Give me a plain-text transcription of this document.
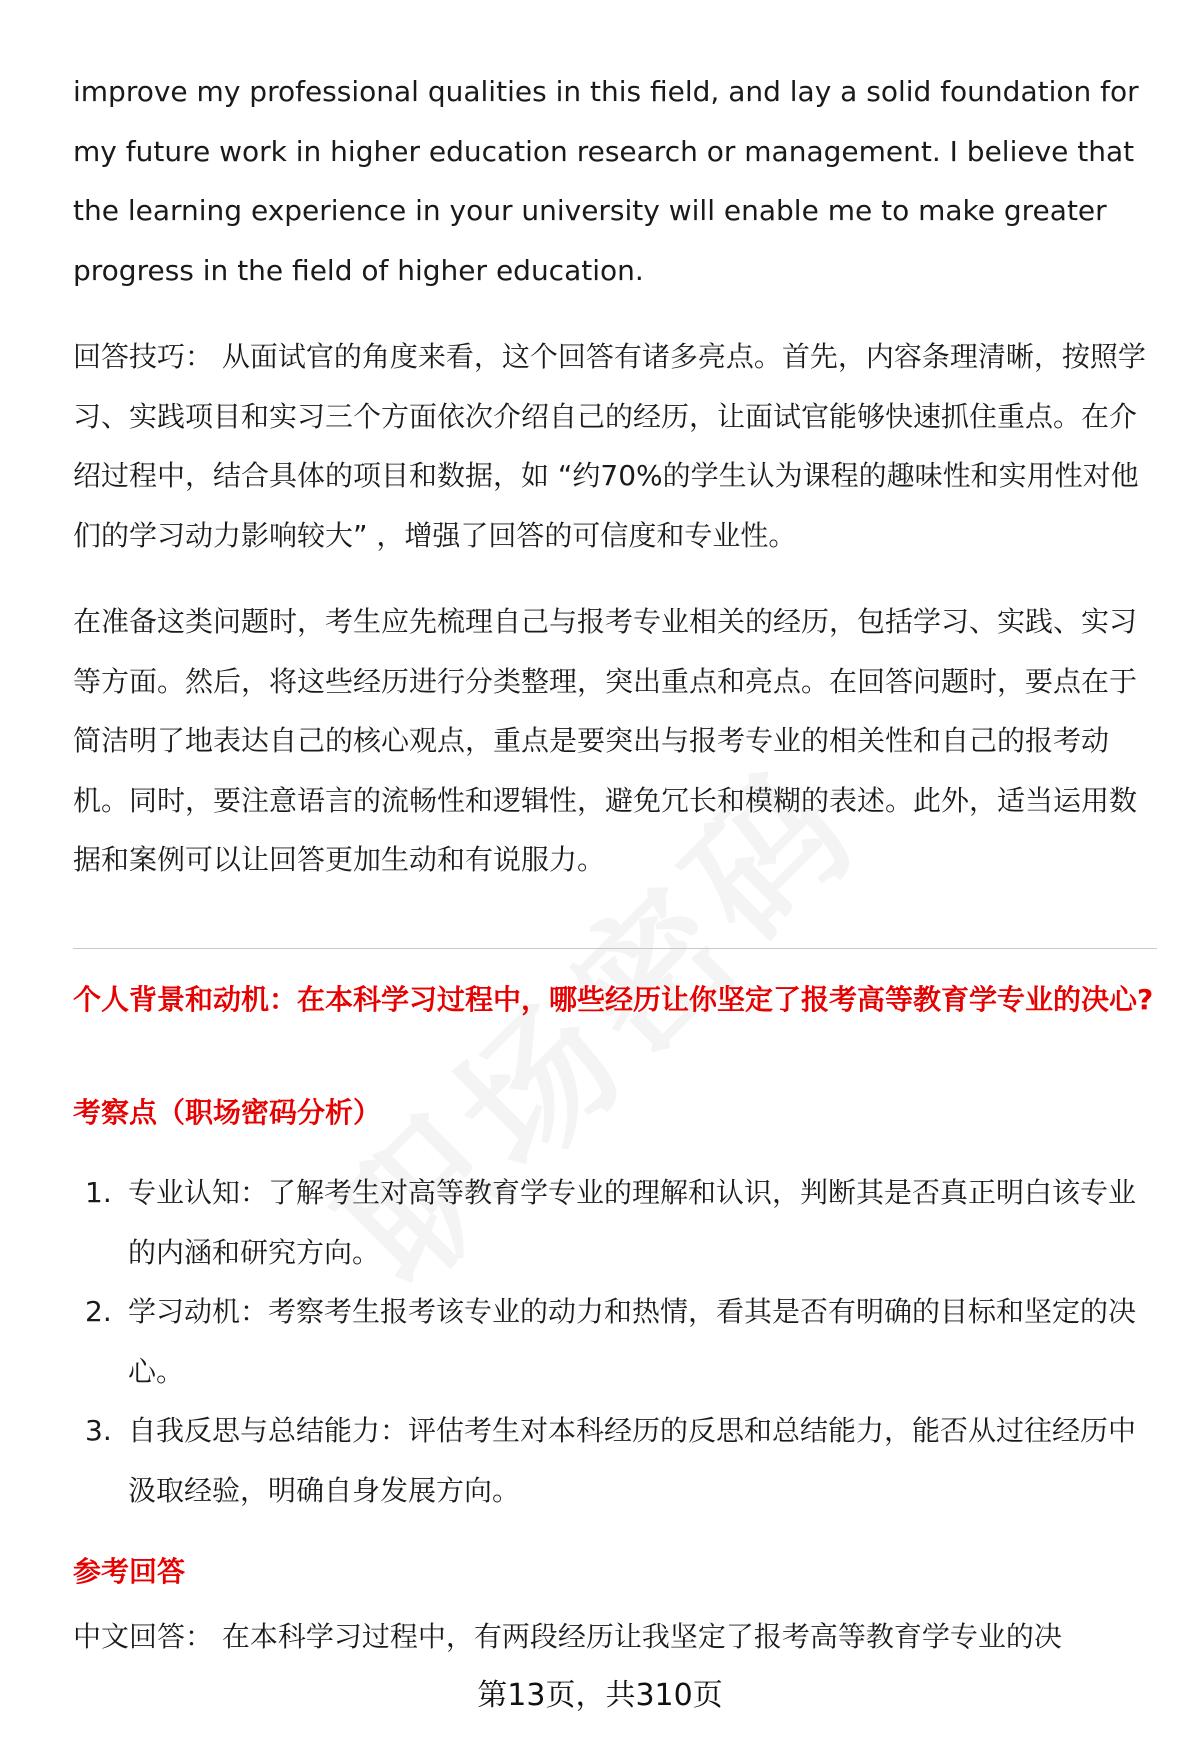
improve my professional qualities in this field, and lay a solid foundation for my future work in higher education research or management. I believe that the learning experience in your university will enable me to make greater progress in the field of higher education.

回答技巧： 从面试官的角度来看，这个回答有诸多亮点。首先，内容条理清晰，按照学习、实践项目和实习三个方面依次介绍自己的经历，让面试官能够快速抓住重点。在介绍过程中，结合具体的项目和数据，如 “约70%的学生认为课程的趣味性和实用性对他们的学习动力影响较大” ，增强了回答的可信度和专业性。

在准备这类问题时，考生应先梳理自己与报考专业相关的经历，包括学习、实践、实习等方面。然后，将这些经历进行分类整理，突出重点和亮点。在回答问题时，要点在于简洁明了地表达自己的核心观点，重点是要突出与报考专业的相关性和自己的报考动机。同时，要注意语言的流畅性和逻辑性，避免冗长和模糊的表述。此外，适当运用数据和案例可以让回答更加生动和有说服力。

个人背景和动机：在本科学习过程中，哪些经历让你坚定了报考高等教育学专业的决心?

考察点（职场密码分析）

1. 专业认知：了解考生对高等教育学专业的理解和认识，判断其是否真正明白该专业的内涵和研究方向。
2. 学习动机：考察考生报考该专业的动力和热情，看其是否有明确的目标和坚定的决心。
3. 自我反思与总结能力：评估考生对本科经历的反思和总结能力，能否从过往经历中汲取经验，明确自身发展方向。

参考回答

中文回答： 在本科学习过程中，有两段经历让我坚定了报考高等教育学专业的决

第13页，共310页
